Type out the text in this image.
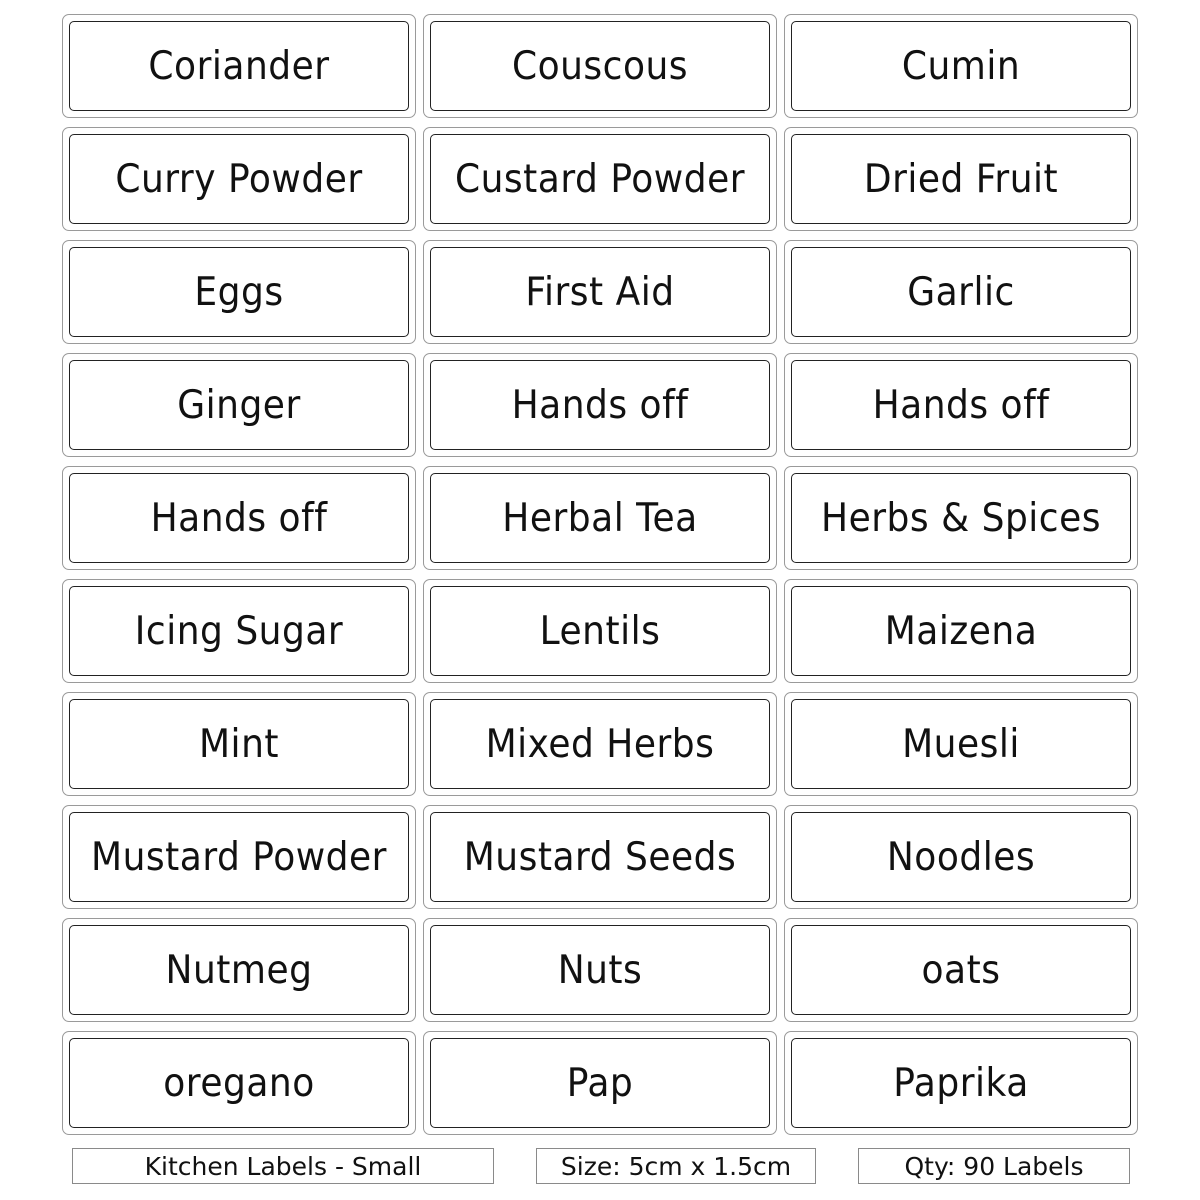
Coriander	Couscous	Cumin
Curry Powder	Custard Powder	Dried Fruit
Eggs	First Aid	Garlic
Ginger	Hands off	Hands off
Hands off	Herbal Tea	Herbs & Spices
Icing Sugar	Lentils	Maizena
Mint	Mixed Herbs	Muesli
Mustard Powder Mustard Seeds	Noodles
Nutmeg	Nuts	oats
oregano	Pap	Paprika
Kitchen Labels - Small	Size: 5cm x 1.5cm	Qty: 90 Labels
